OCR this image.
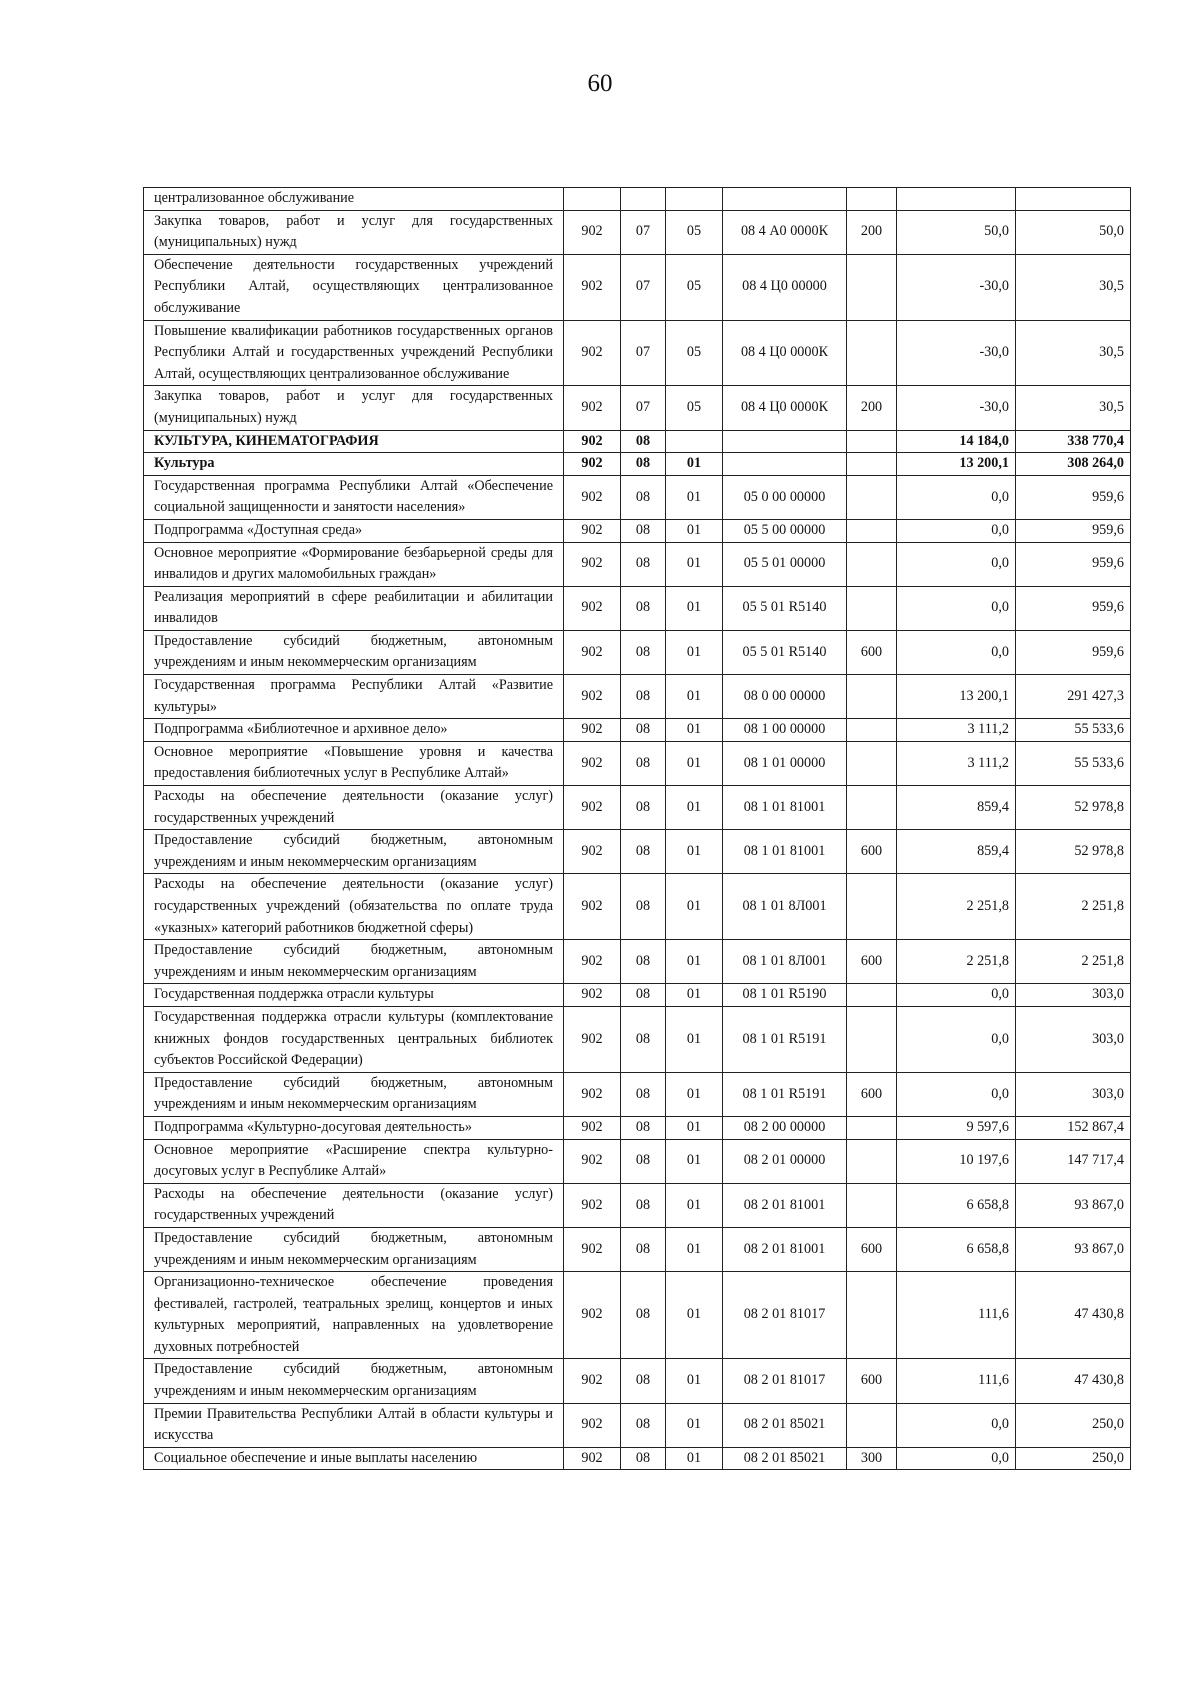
60
централизованное обслуживание							
Закупка товаров, работ и услуг для государственных (муниципальных) нужд	902	07	05	08 4 А0 0000К	200	50,0	50,0
Обеспечение деятельности государственных учреждений Республики Алтай, осуществляющих централизованное обслуживание	902	07	05	08 4 Ц0 00000		-30,0	30,5
Повышение квалификации работников государственных органов Республики Алтай и государственных учреждений Республики Алтай, осуществляющих централизованное обслуживание	902	07	05	08 4 Ц0 0000К		-30,0	30,5
Закупка товаров, работ и услуг для государственных (муниципальных) нужд	902	07	05	08 4 Ц0 0000К	200	-30,0	30,5
КУЛЬТУРА, КИНЕМАТОГРАФИЯ	902	08				14 184,0	338 770,4
Культура	902	08	01			13 200,1	308 264,0
Государственная программа Республики Алтай «Обеспечение социальной защищенности и занятости населения»	902	08	01	05 0 00 00000		0,0	959,6
Подпрограмма «Доступная среда»	902	08	01	05 5 00 00000		0,0	959,6
Основное мероприятие «Формирование безбарьерной среды для инвалидов и других маломобильных граждан»	902	08	01	05 5 01 00000		0,0	959,6
Реализация мероприятий в сфере реабилитации и абилитации инвалидов	902	08	01	05 5 01 R5140		0,0	959,6
Предоставление субсидий бюджетным, автономным учреждениям и иным некоммерческим организациям	902	08	01	05 5 01 R5140	600	0,0	959,6
Государственная программа Республики Алтай «Развитие культуры»	902	08	01	08 0 00 00000		13 200,1	291 427,3
Подпрограмма «Библиотечное и архивное дело»	902	08	01	08 1 00 00000		3 111,2	55 533,6
Основное мероприятие «Повышение уровня и качества предоставления библиотечных услуг в Республике Алтай»	902	08	01	08 1 01 00000		3 111,2	55 533,6
Расходы на обеспечение деятельности (оказание услуг) государственных учреждений	902	08	01	08 1 01 81001		859,4	52 978,8
Предоставление субсидий бюджетным, автономным учреждениям и иным некоммерческим организациям	902	08	01	08 1 01 81001	600	859,4	52 978,8
Расходы на обеспечение деятельности (оказание услуг) государственных учреждений (обязательства по оплате труда «указных» категорий работников бюджетной сферы)	902	08	01	08 1 01 8Л001		2 251,8	2 251,8
Предоставление субсидий бюджетным, автономным учреждениям и иным некоммерческим организациям	902	08	01	08 1 01 8Л001	600	2 251,8	2 251,8
Государственная поддержка отрасли культуры	902	08	01	08 1 01 R5190		0,0	303,0
Государственная поддержка отрасли культуры (комплектование книжных фондов государственных центральных библиотек субъектов Российской Федерации)	902	08	01	08 1 01 R5191		0,0	303,0
Предоставление субсидий бюджетным, автономным учреждениям и иным некоммерческим организациям	902	08	01	08 1 01 R5191	600	0,0	303,0
Подпрограмма «Культурно-досуговая деятельность»	902	08	01	08 2 00 00000		9 597,6	152 867,4
Основное мероприятие «Расширение спектра культурно-досуговых услуг в Республике Алтай»	902	08	01	08 2 01 00000		10 197,6	147 717,4
Расходы на обеспечение деятельности (оказание услуг) государственных учреждений	902	08	01	08 2 01 81001		6 658,8	93 867,0
Предоставление субсидий бюджетным, автономным учреждениям и иным некоммерческим организациям	902	08	01	08 2 01 81001	600	6 658,8	93 867,0
Организационно-техническое обеспечение проведения фестивалей, гастролей, театральных зрелищ, концертов и иных культурных мероприятий, направленных на удовлетворение духовных потребностей	902	08	01	08 2 01 81017		111,6	47 430,8
Предоставление субсидий бюджетным, автономным учреждениям и иным некоммерческим организациям	902	08	01	08 2 01 81017	600	111,6	47 430,8
Премии Правительства Республики Алтай в области культуры и искусства	902	08	01	08 2 01 85021		0,0	250,0
Социальное обеспечение и иные выплаты населению	902	08	01	08 2 01 85021	300	0,0	250,0
